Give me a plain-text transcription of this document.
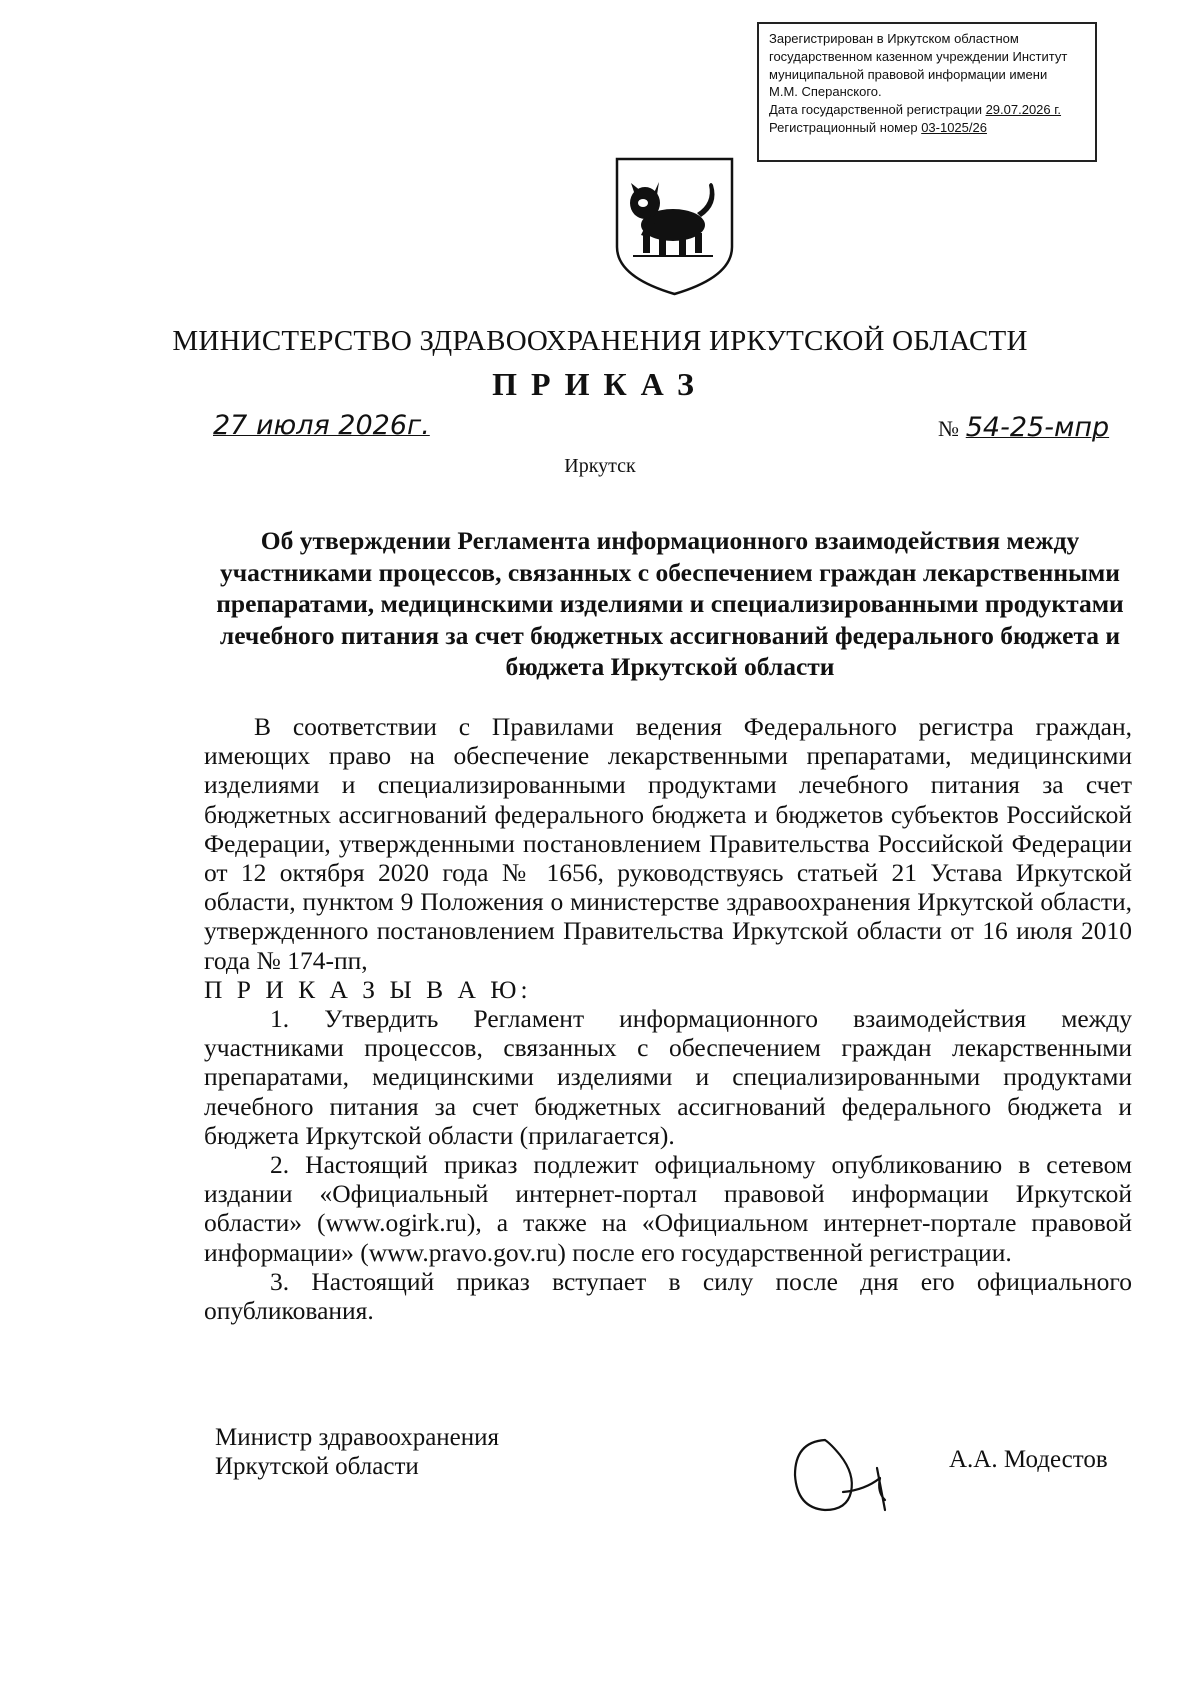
Зарегистрирован в Иркутском областном
государственном казенном учреждении Институт
муниципальной правовой информации имени
М.М. Сперанского.
Дата государственной регистрации 29.07.2026 г.
Регистрационный номер 03-1025/26
МИНИСТЕРСТВО ЗДРАВООХРАНЕНИЯ ИРКУТСКОЙ ОБЛАСТИ
ПРИКАЗ
27 июля 2026г.	№ 54-25-мпр
Иркутск
Об утверждении Регламента информационного взаимодействия между участниками процессов, связанных с обеспечением граждан лекарственными препаратами, медицинскими изделиями и специализированными продуктами лечебного питания за счет бюджетных ассигнований федерального бюджета и бюджета Иркутской области

В соответствии с Правилами ведения Федерального регистра граждан, имеющих право на обеспечение лекарственными препаратами, медицинскими изделиями и специализированными продуктами лечебного питания за счет бюджетных ассигнований федерального бюджета и бюджетов субъектов Российской Федерации, утвержденными постановлением Правительства Российской Федерации от 12 октября 2020 года № 1656, руководствуясь статьей 21 Устава Иркутской области, пунктом 9 Положения о министерстве здравоохранения Иркутской области, утвержденного постановлением Правительства Иркутской области от 16 июля 2010 года № 174-пп,

П Р И К А З Ы В А Ю:

1. Утвердить Регламент информационного взаимодействия между участниками процессов, связанных с обеспечением граждан лекарственными препаратами, медицинскими изделиями и специализированными продуктами лечебного питания за счет бюджетных ассигнований федерального бюджета и бюджета Иркутской области (прилагается).

2. Настоящий приказ подлежит официальному опубликованию в сетевом издании «Официальный интернет-портал правовой информации Иркутской области» (www.ogirk.ru), а также на «Официальном интернет-портале правовой информации» (www.pravo.gov.ru) после его государственной регистрации.

3. Настоящий приказ вступает в силу после дня его официального опубликования.

Министр здравоохранения
Иркутской области	А.А. Модестов
